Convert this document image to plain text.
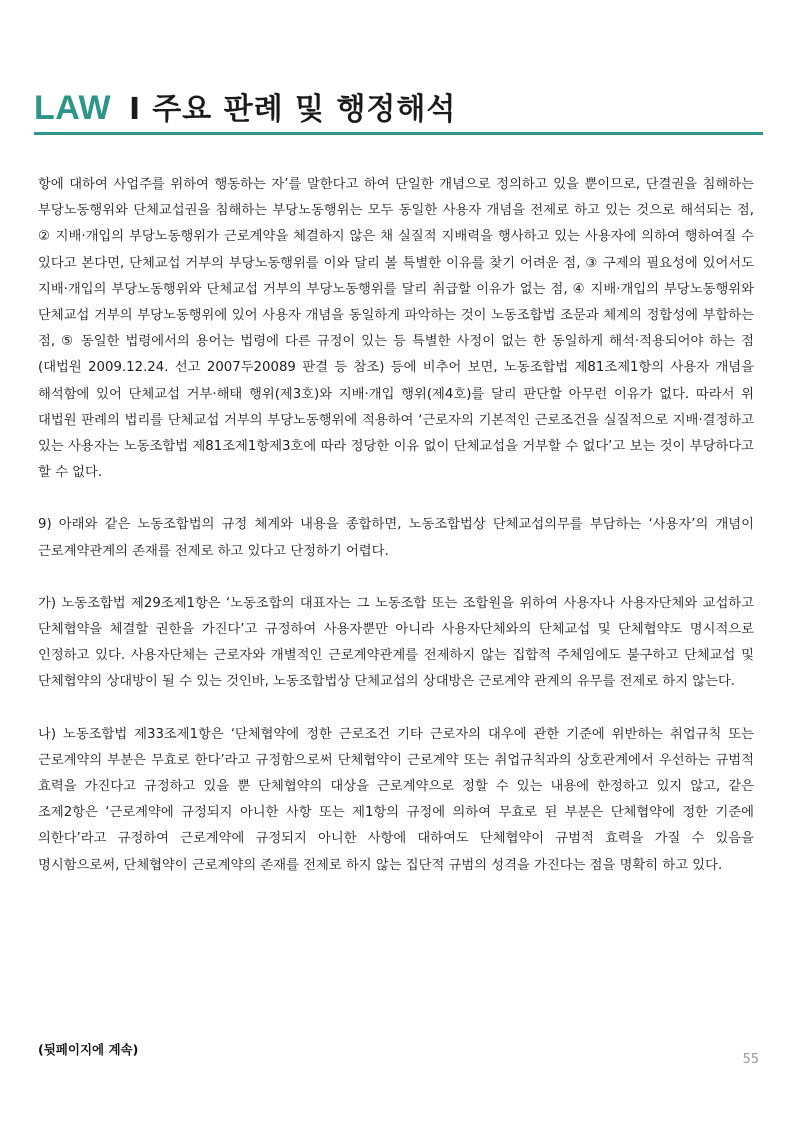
LAW I 주요 판례 및 행정해석

항에 대하여 사업주를 위하여 행동하는 자’를 말한다고 하여 단일한 개념으로 정의하고 있을 뿐이므로, 단결권을 침해하는 부당노동행위와 단체교섭권을 침해하는 부당노동행위는 모두 동일한 사용자 개념을 전제로 하고 있는 것으로 해석되는 점, ② 지배·개입의 부당노동행위가 근로계약을 체결하지 않은 채 실질적 지배력을 행사하고 있는 사용자에 의하여 행하여질 수 있다고 본다면, 단체교섭 거부의 부당노동행위를 이와 달리 볼 특별한 이유를 찾기 어려운 점, ③ 구제의 필요성에 있어서도 지배·개입의 부당노동행위와 단체교섭 거부의 부당노동행위를 달리 취급할 이유가 없는 점, ④ 지배·개입의 부당노동행위와 단체교섭 거부의 부당노동행위에 있어 사용자 개념을 동일하게 파악하는 것이 노동조합법 조문과 체계의 정합성에 부합하는 점, ⑤ 동일한 법령에서의 용어는 법령에 다른 규정이 있는 등 특별한 사정이 없는 한 동일하게 해석·적용되어야 하는 점(대법원 2009.12.24. 선고 2007두20089 판결 등 참조) 등에 비추어 보면, 노동조합법 제81조제1항의 사용자 개념을 해석함에 있어 단체교섭 거부·해태 행위(제3호)와 지배·개입 행위(제4호)를 달리 판단할 아무런 이유가 없다. 따라서 위 대법원 판례의 법리를 단체교섭 거부의 부당노동행위에 적용하여 ‘근로자의 기본적인 근로조건을 실질적으로 지배·결정하고 있는 사용자는 노동조합법 제81조제1항제3호에 따라 정당한 이유 없이 단체교섭을 거부할 수 없다’고 보는 것이 부당하다고 할 수 없다.

9) 아래와 같은 노동조합법의 규정 체계와 내용을 종합하면, 노동조합법상 단체교섭의무를 부담하는 ‘사용자’의 개념이 근로계약관계의 존재를 전제로 하고 있다고 단정하기 어렵다.

가) 노동조합법 제29조제1항은 ‘노동조합의 대표자는 그 노동조합 또는 조합원을 위하여 사용자나 사용자단체와 교섭하고 단체협약을 체결할 권한을 가진다’고 규정하여 사용자뿐만 아니라 사용자단체와의 단체교섭 및 단체협약도 명시적으로 인정하고 있다. 사용자단체는 근로자와 개별적인 근로계약관계를 전제하지 않는 집합적 주체임에도 불구하고 단체교섭 및 단체협약의 상대방이 될 수 있는 것인바, 노동조합법상 단체교섭의 상대방은 근로계약 관계의 유무를 전제로 하지 않는다.

나) 노동조합법 제33조제1항은 ‘단체협약에 정한 근로조건 기타 근로자의 대우에 관한 기준에 위반하는 취업규칙 또는 근로계약의 부분은 무효로 한다’라고 규정함으로써 단체협약이 근로계약 또는 취업규칙과의 상호관계에서 우선하는 규범적 효력을 가진다고 규정하고 있을 뿐 단체협약의 대상을 근로계약으로 정할 수 있는 내용에 한정하고 있지 않고, 같은 조제2항은 ‘근로계약에 규정되지 아니한 사항 또는 제1항의 규정에 의하여 무효로 된 부분은 단체협약에 정한 기준에 의한다’라고 규정하여 근로계약에 규정되지 아니한 사항에 대하여도 단체협약이 규범적 효력을 가질 수 있음을 명시함으로써, 단체협약이 근로계약의 존재를 전제로 하지 않는 집단적 규범의 성격을 가진다는 점을 명확히 하고 있다.

(뒷페이지에 계속)
55
